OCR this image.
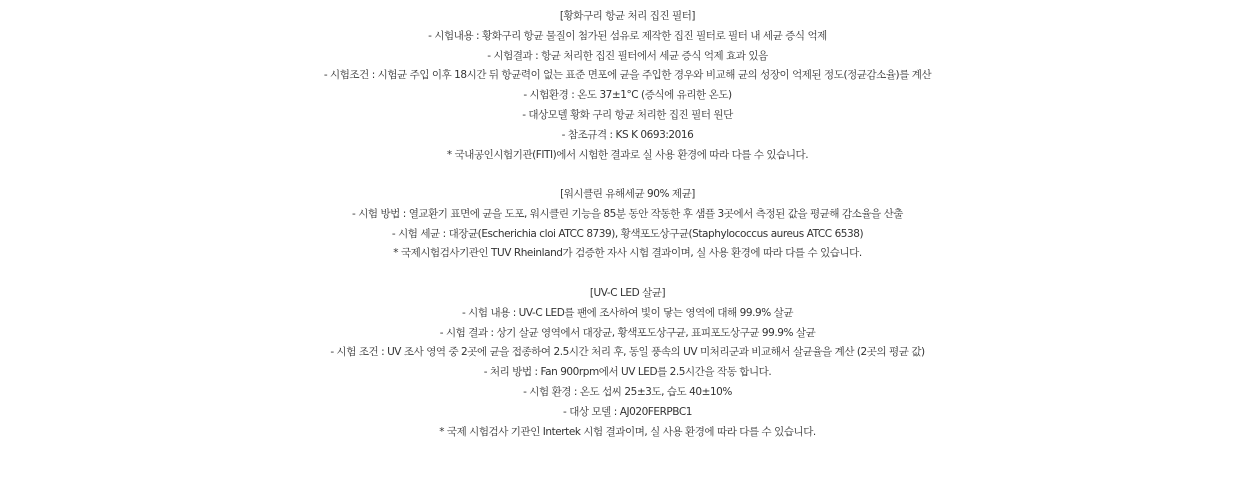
[황화구리 항균 처리 집진 필터]
- 시험내용 : 황화구리 항균 물질이 첨가된 섬유로 제작한 집진 필터로 필터 내 세균 증식 억제
- 시험결과 : 항균 처리한 집진 필터에서 세균 증식 억제 효과 있음
- 시험조건 : 시험균 주입 이후 18시간 뒤 항균력이 없는 표준 면포에 균을 주입한 경우와 비교해 균의 성장이 억제된 정도(정균감소율)를 계산
- 시험환경 : 온도 37±1°C (증식에 유리한 온도)
- 대상모델 황화 구리 항균 처리한 집진 필터 원단
- 참조규격 : KS K 0693:2016
* 국내공인시험기관(FITI)에서 시험한 결과로 실 사용 환경에 따라 다를 수 있습니다.
[워시클린 유해세균 90% 제균]
- 시험 방법 : 열교환기 표면에 균을 도포, 워시클린 기능을 85분 동안 작동한 후 샘플 3곳에서 측정된 값을 평균해 감소율을 산출
- 시험 세균 : 대장균(Escherichia cloi ATCC 8739), 황색포도상구균(Staphylococcus aureus ATCC 6538)
* 국제시험검사기관인 TUV Rheinland가 검증한 자사 시험 결과이며, 실 사용 환경에 따라 다를 수 있습니다.
[UV-C LED 살균]
- 시험 내용 : UV-C LED를 팬에 조사하여 빛이 닿는 영역에 대해 99.9% 살균
- 시험 결과 : 상기 살균 영역에서 대장균, 황색포도상구균, 표피포도상구균 99.9% 살균
- 시험 조건 : UV 조사 영역 중 2곳에 균을 접종하여 2.5시간 처리 후, 동일 풍속의 UV 미처리군과 비교해서 살균율을 계산 (2곳의 평균 값)
- 처리 방법 : Fan 900rpm에서 UV LED를 2.5시간을 작동 합니다.
- 시험 환경 : 온도 섭씨 25±3도, 습도 40±10%
- 대상 모델 : AJ020FERPBC1
* 국제 시험검사 기관인 Intertek 시험 결과이며, 실 사용 환경에 따라 다를 수 있습니다.
